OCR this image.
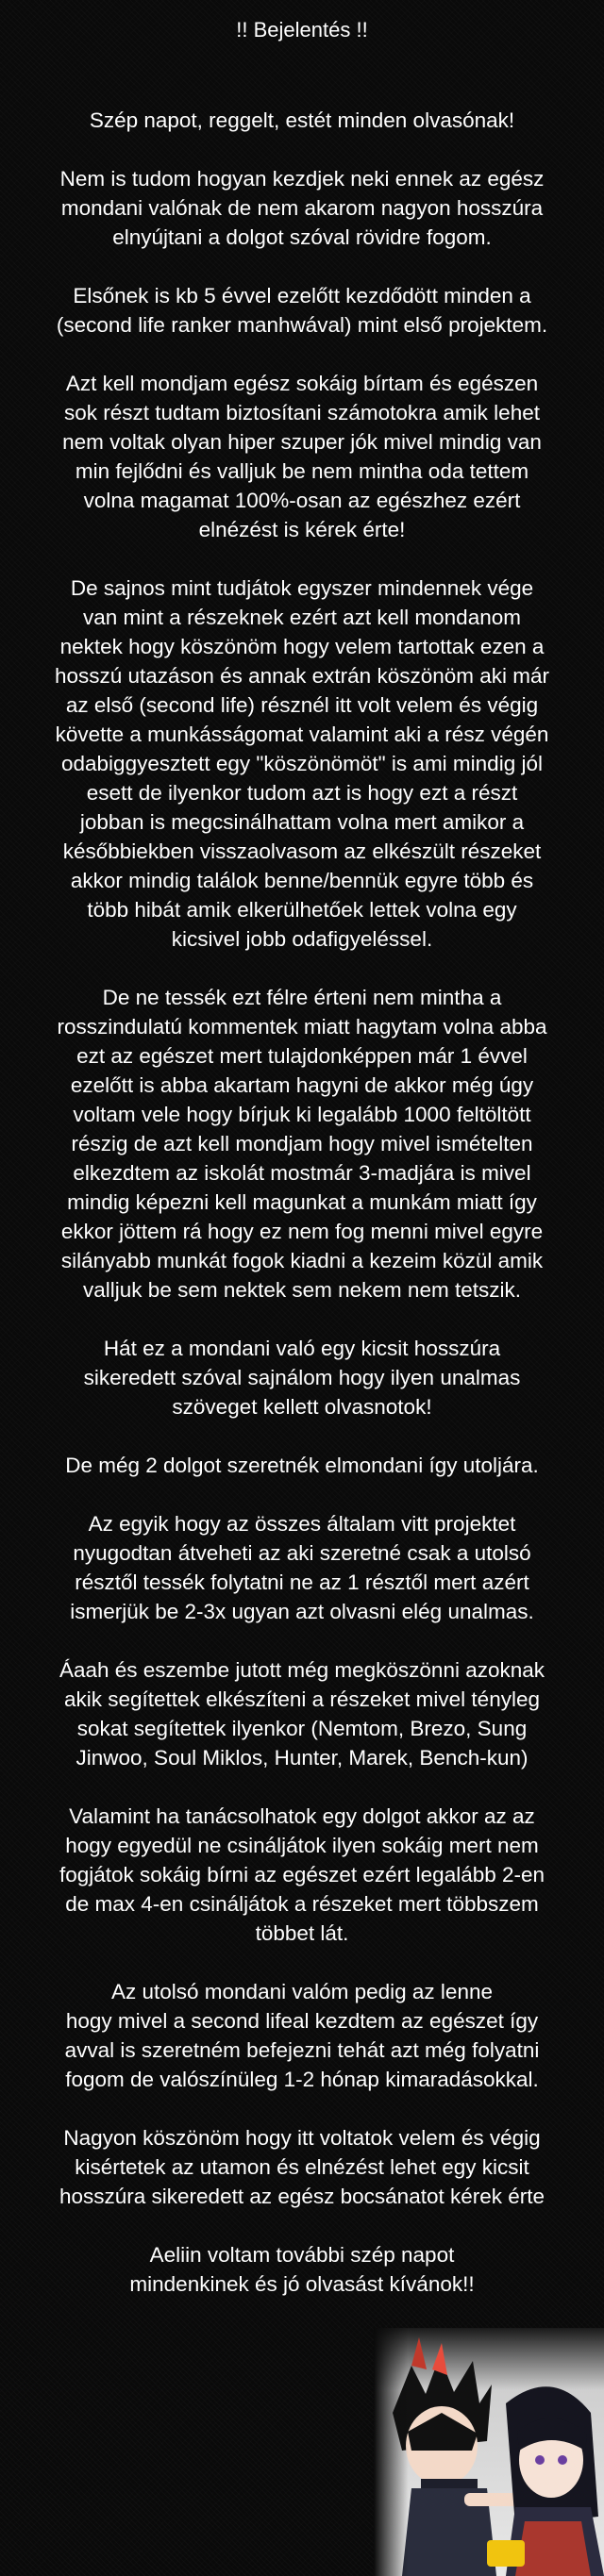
!! Bejelentés !!

Szép napot, reggelt, estét minden olvasónak!

Nem is tudom hogyan kezdjek neki ennek az egész
mondani valónak de nem akarom nagyon hosszúra
elnyújtani a dolgot szóval rövidre fogom.

Elsőnek is kb 5 évvel ezelőtt kezdődött minden a
(second life ranker manhwával) mint első projektem.

Azt kell mondjam egész sokáig bírtam és egészen
sok részt tudtam biztosítani számotokra amik lehet
nem voltak olyan hiper szuper jók mivel mindig van
min fejlődni és valljuk be nem mintha oda tettem
volna magamat 100%-osan az egészhez ezért
elnézést is kérek érte!

De sajnos mint tudjátok egyszer mindennek vége
van mint a részeknek ezért azt kell mondanom
nektek hogy köszönöm hogy velem tartottak ezen a
hosszú utazáson és annak extrán köszönöm aki már
az első (second life) résznél itt volt velem és végig
követte a munkásságomat valamint aki a rész végén
odabiggyesztett egy "köszönömöt" is ami mindig jól
esett de ilyenkor tudom azt is hogy ezt a részt
jobban is megcsinálhattam volna mert amikor a
későbbiekben visszaolvasom az elkészült részeket
akkor mindig találok benne/bennük egyre több és
több hibát amik elkerülhetőek lettek volna egy
kicsivel jobb odafigyeléssel.

De ne tessék ezt félre érteni nem mintha a
rosszindulatú kommentek miatt hagytam volna abba
ezt az egészet mert tulajdonképpen már 1 évvel
ezelőtt is abba akartam hagyni de akkor még úgy
voltam vele hogy bírjuk ki legalább 1000 feltöltött
részig de azt kell mondjam hogy mivel ismételten
elkezdtem az iskolát mostmár 3-madjára is mivel
mindig képezni kell magunkat a munkám miatt így
ekkor jöttem rá hogy ez nem fog menni mivel egyre
silányabb munkát fogok kiadni a kezeim közül amik
valljuk be sem nektek sem nekem nem tetszik.

Hát ez a mondani való egy kicsit hosszúra
sikeredett szóval sajnálom hogy ilyen unalmas
szöveget kellett olvasnotok!

De még 2 dolgot szeretnék elmondani így utoljára.

Az egyik hogy az összes általam vitt projektet
nyugodtan átveheti az aki szeretné csak a utolsó
résztől tessék folytatni ne az 1 résztől mert azért
ismerjük be 2-3x ugyan azt olvasni elég unalmas.

Áaah és eszembe jutott még megköszönni azoknak
akik segítettek elkészíteni a részeket mivel tényleg
sokat segítettek ilyenkor (Nemtom, Brezo, Sung
Jinwoo, Soul Miklos, Hunter, Marek, Bench-kun)

Valamint ha tanácsolhatok egy dolgot akkor az az
hogy egyedül ne csináljátok ilyen sokáig mert nem
fogjátok sokáig bírni az egészet ezért legalább 2-en
de max 4-en csináljátok a részeket mert többszem
többet lát.

Az utolsó mondani valóm pedig az lenne
hogy mivel a second lifeal kezdtem az egészet így
avval is szeretném befejezni tehát azt még folyatni
fogom de valószínüleg 1-2 hónap kimaradásokkal.

Nagyon köszönöm hogy itt voltatok velem és végig
kisértetek az utamon és elnézést lehet egy kicsit
hosszúra sikeredett az egész bocsánatot kérek érte

Aeliin voltam további szép napot
mindenkinek és jó olvasást kívánok!!
